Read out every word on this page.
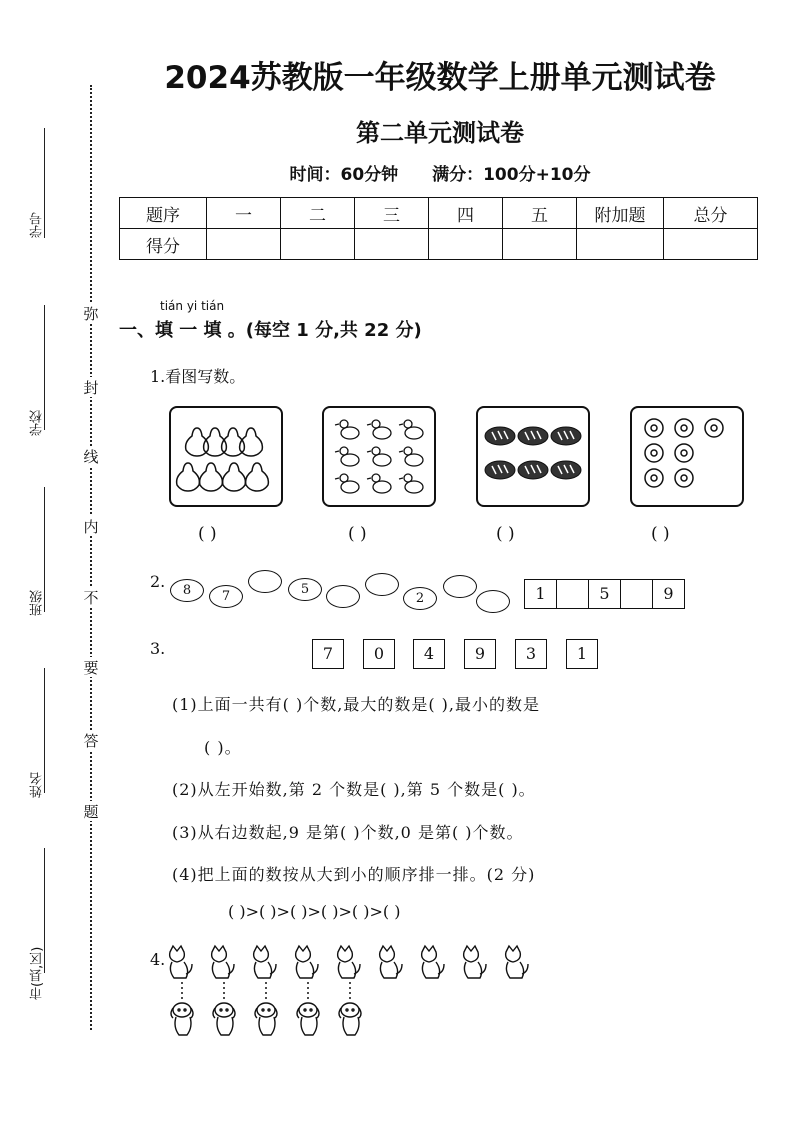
学号
学校
班级
姓名
市(县,区)
弥
封
线
内
不
要
答
题
2024苏教版一年级数学上册单元测试卷
第二单元测试卷
时间：60分钟 满分：100分+10分
题序	一	二	三	四	五	附加题	总分
得分							
tián yi tián
一、填 一 填 。(每空 1 分,共 22 分)
1.看图写数。
( )	( )	( )	( )
2.	8	7	5
2	1	5	9
3.	7	0	4	9	3	1
(1)上面一共有( )个数,最大的数是( ),最小的数是
( )。
(2)从左开始数,第 2 个数是( ),第 5 个数是( )。
(3)从右边数起,9 是第( )个数,0 是第( )个数。
(4)把上面的数按从大到小的顺序排一排。(2 分)
( )>( )>( )>( )>( )>( )
4.
